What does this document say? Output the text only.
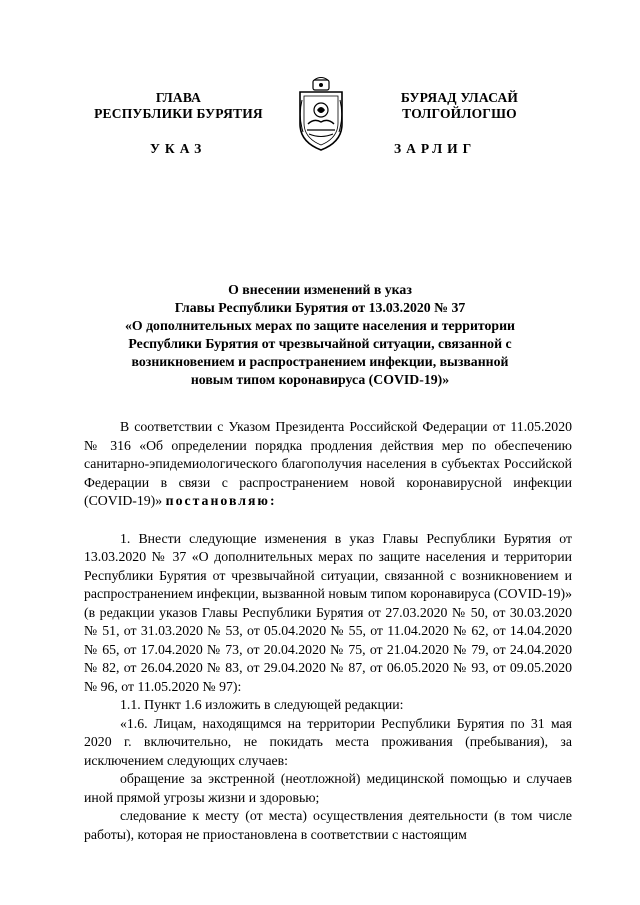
ГЛАВА
РЕСПУБЛИКИ БУРЯТИЯ
БУРЯАД УЛАСАЙ
ТОЛГОЙЛОГШО
УКАЗ	ЗАРЛИГ
О внесении изменений в указ
Главы Республики Бурятия от 13.03.2020 № 37
«О дополнительных мерах по защите населения и территории
Республики Бурятия от чрезвычайной ситуации, связанной с
возникновением и распространением инфекции, вызванной
новым типом коронавируса (COVID-19)»

В соответствии с Указом Президента Российской Федерации от 11.05.2020 № 316 «Об определении порядка продления действия мер по обеспечению санитарно-эпидемиологического благополучия населения в субъектах Российской Федерации в связи с распространением новой коронавирусной инфекции (COVID-19)» постановляю:

1. Внести следующие изменения в указ Главы Республики Бурятия от 13.03.2020 № 37 «О дополнительных мерах по защите населения и территории Республики Бурятия от чрезвычайной ситуации, связанной с возникновением и распространением инфекции, вызванной новым типом коронавируса (COVID-19)» (в редакции указов Главы Республики Бурятия от 27.03.2020 № 50, от 30.03.2020 № 51, от 31.03.2020 № 53, от 05.04.2020 № 55, от 11.04.2020 № 62, от 14.04.2020 № 65, от 17.04.2020 № 73, от 20.04.2020 № 75, от 21.04.2020 № 79, от 24.04.2020 № 82, от 26.04.2020 № 83, от 29.04.2020 № 87, от 06.05.2020 № 93, от 09.05.2020 № 96, от 11.05.2020 № 97):

1.1. Пункт 1.6 изложить в следующей редакции:

«1.6. Лицам, находящимся на территории Республики Бурятия по 31 мая 2020 г. включительно, не покидать места проживания (пребывания), за исключением следующих случаев:

обращение за экстренной (неотложной) медицинской помощью и случаев иной прямой угрозы жизни и здоровью;

следование к месту (от места) осуществления деятельности (в том числе работы), которая не приостановлена в соответствии с настоящим
